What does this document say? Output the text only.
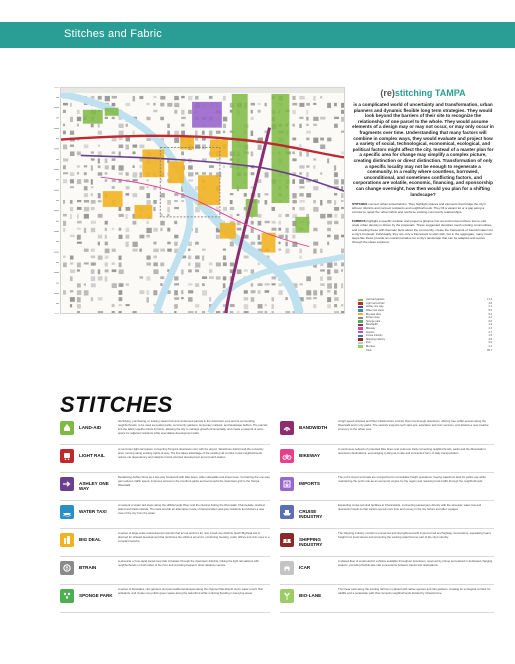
Stitches and Fabric
(re)stitching TAMPA
is a complicated world of uncertainty and transformation, urban planners and dynamic flexible long term strategies. They would look beyond the barriers of their site to recognize the relationship of one parcel to the whole. They would assume elements of a design may or may not occur, or may only occur in fragments over time. Understanding that many factors will combine in complex ways, they would evaluate and project how a variety of social, technological, economical, ecological, and political factors might affect the city. Instead of a master plan for a specific area for change may simplify a complex picture, creating distinction or direct distinction. Transformation of only a specific locality may not be enough to regenerate a community. In a reality where countless, borrowed, unconditional, and sometimes conflicting factors, and corporations are volatile, economic, financing, and sponsorship can change overnight, how then would you plan for a shifting landscape?
STITCHES connect urban social fabrics. They highlight spaces and elements that bridge the city's leftover districts and connect residents and neighborhoods. They fill a vacant lot or a gap along a corridor to repair the urban fabric and reinforce existing community relationships.
FABRICS highlight a specific location and project a glimpse into an environment where low-to-mid scale urban density is driven by the proposals. These suggested densities mesh existing communities, and coupling these with thematic facts about the community, create the framework of transformation for a city's proposal. Individually, they are only a framework to start with, but in the aggregate, many small steps like these provide an overall narrative for a city's landscape that can be adapted and evolve through the ideas explored.
Land aid parcels	17.3
Light rail corridor	3.8
Ashley one way	2.1
Water taxi stops	5.0
Big deal sites	9.4
B-train route	4.2
Sponge park	6.6
Bandwidth	1.9
Bikeway	3.3
Imports	2.7
Cruise industry	1.5
Shipping industry	4.8
iCar	0.9
Bio lane	2.2
Total	65.7
STITCHES
LAND-AID
Identifying, purchasing, or leasing vacant lots and underused parcels in the downtown core and its surrounding neighborhoods, to be used as pocket parks, community gardens, temporary markets, and landscape buffers. The parcels knit the fabric together block by block, allowing the city to manage growth incrementally, and create a network of open space for adjacent residents while speculative development waits.
LIGHT RAIL
A commuter light rail system connecting Tampa's downtown core with the airport, Westshore district and the university area, running along existing rights-of-way. The line takes advantage of the existing rail corridor to link neighborhoods, reduce car dependency and catalyze transit-oriented development around each station.
ASHLEY ONE WAY
Reclaiming Ashley Drive as a two-way boulevard with bike lanes, wider sidewalks and street trees. Converting the one-way pair reduces traffic speed, improves access to the riverfront parks and reconnects the downtown grid to the Tampa Riverwalk.
WATER TAXI
A network of water taxi stops along the Hillsborough River and the channel linking the Riverwalk, Channelside, Harbour Island and Davis Islands. The taxis provide an alternative mode of transportation and give residents and visitors a new view of the city from the water.
BIG DEAL
A series of large-scale redevelopment parcels that act as anchors for new mixed-use districts. Each Big Deal site is planned for phased development that reinforces the stitches around it, combining housing, retail, offices and civic uses in a compact footprint.
B	BTRAIN
A streetcar or bus-rapid transit loop that circulates through the downtown districts, linking the light rail stations with neighborhoods on both sides of the river and providing frequent, short-distance service.
SPONGE PARK
A series of bioswales, rain gardens and permeable landscapes along the channel that absorb storm water runoff, filter pollutants, and create new public green space along the waterfront while reducing flooding in low-lying areas.
BANDWIDTH
A high-speed wireless and fiber infrastructure corridor that runs through downtown, offering free public access along the Riverwalk and in city parks. The network supports tech start-ups, education and civic services, and attracts a new creative economy to the urban core.
BIKEWAY
A continuous network of protected bike lanes and multi-use trails connecting neighborhoods, parks and the Riverwalk to downtown destinations, encouraging cycling as a safe and convenient form of daily transportation.
IMPORTS
The port's import terminals are reorganized to consolidate freight operations, freeing waterfront land for public use while maintaining the port's role as an economic engine for the region and reducing truck traffic through the neighborhoods.
CRUISE INDUSTRY
Expanding cruise terminal facilities at Channelside, connecting passengers directly with the streetcar, water taxi and downtown hotels so that visitors spend more time and money in the city before and after voyages.
SHIPPING INDUSTRY
The shipping industry corridor is preserved and strengthened with improved rail and highway connections, separating heavy freight from local streets and protecting the working waterfront as part of the city's identity.
ICAR
A shared fleet of small electric vehicles available throughout downtown, reserved by phone and parked in dedicated charging stations, providing flexible last-mile connections between transit and destinations.
BIO-LANE
The linear park along the existing rail line is planted with native species and rain gardens, creating an ecological corridor for wildlife and a pedestrian path that connects neighborhoods divided by infrastructure.
